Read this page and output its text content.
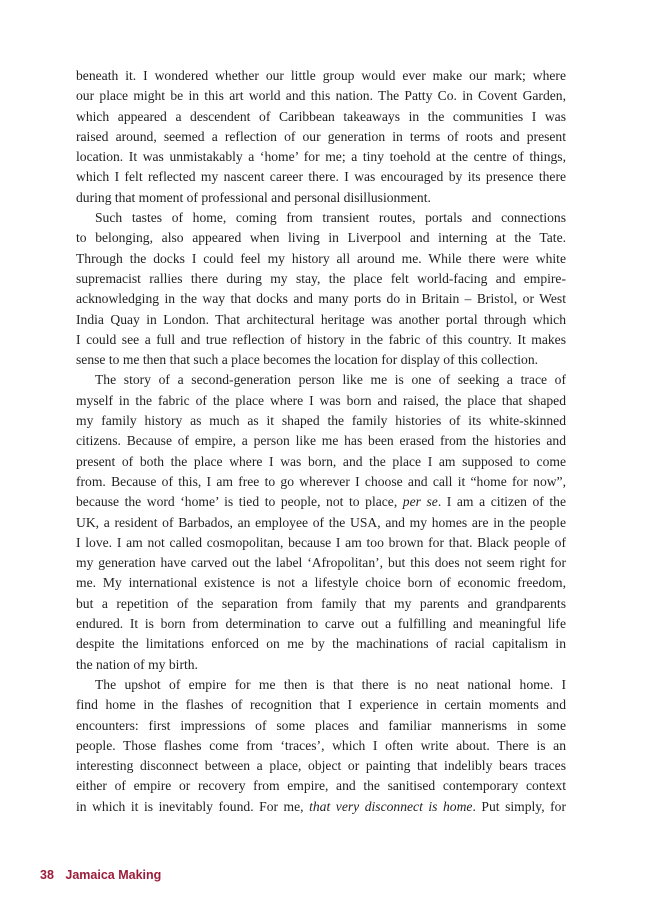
beneath it. I wondered whether our little group would ever make our mark; where
our place might be in this art world and this nation. The Patty Co. in Covent Garden,
which appeared a descendent of Caribbean takeaways in the communities I was
raised around, seemed a reflection of our generation in terms of roots and present
location. It was unmistakably a ‘home’ for me; a tiny toehold at the centre of things,
which I felt reflected my nascent career there. I was encouraged by its presence there
during that moment of professional and personal disillusionment.
Such tastes of home, coming from transient routes, portals and connections
to belonging, also appeared when living in Liverpool and interning at the Tate.
Through the docks I could feel my history all around me. While there were white
supremacist rallies there during my stay, the place felt world-facing and empire-
acknowledging in the way that docks and many ports do in Britain – Bristol, or West
India Quay in London. That architectural heritage was another portal through which
I could see a full and true reflection of history in the fabric of this country. It makes
sense to me then that such a place becomes the location for display of this collection.
The story of a second-generation person like me is one of seeking a trace of
myself in the fabric of the place where I was born and raised, the place that shaped
my family history as much as it shaped the family histories of its white-skinned
citizens. Because of empire, a person like me has been erased from the histories and
present of both the place where I was born, and the place I am supposed to come
from. Because of this, I am free to go wherever I choose and call it “home for now”,
because the word ‘home’ is tied to people, not to place, per se. I am a citizen of the
UK, a resident of Barbados, an employee of the USA, and my homes are in the people
I love. I am not called cosmopolitan, because I am too brown for that. Black people of
my generation have carved out the label ‘Afropolitan’, but this does not seem right for
me. My international existence is not a lifestyle choice born of economic freedom,
but a repetition of the separation from family that my parents and grandparents
endured. It is born from determination to carve out a fulfilling and meaningful life
despite the limitations enforced on me by the machinations of racial capitalism in
the nation of my birth.
The upshot of empire for me then is that there is no neat national home. I
find home in the flashes of recognition that I experience in certain moments and
encounters: first impressions of some places and familiar mannerisms in some
people. Those flashes come from ‘traces’, which I often write about. There is an
interesting disconnect between a place, object or painting that indelibly bears traces
either of empire or recovery from empire, and the sanitised contemporary context
in which it is inevitably found. For me, that very disconnect is home. Put simply, for
38 Jamaica Making
